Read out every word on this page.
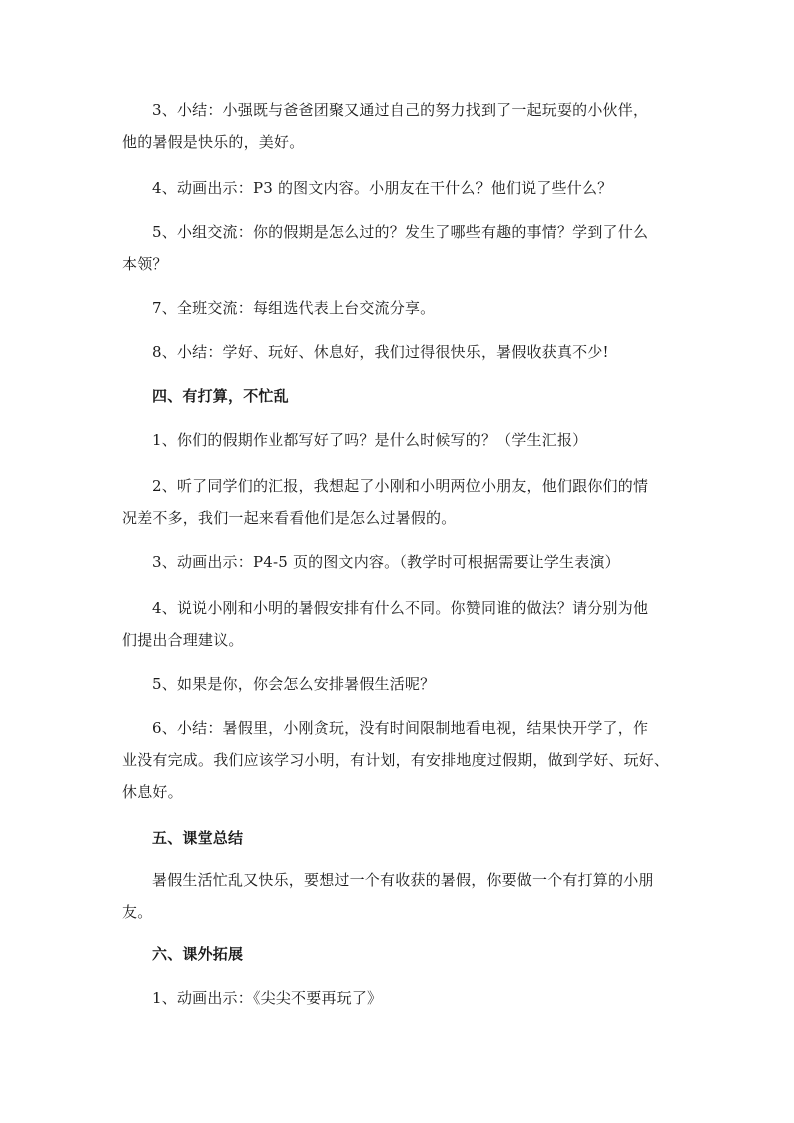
3、小结：小强既与爸爸团聚又通过自己的努力找到了一起玩耍的小伙伴，
他的暑假是快乐的，美好。
4、动画出示：P3 的图文内容。小朋友在干什么？他们说了些什么？
5、小组交流：你的假期是怎么过的？发生了哪些有趣的事情？学到了什么
本领？
7、全班交流：每组选代表上台交流分享。
8、小结：学好、玩好、休息好，我们过得很快乐，暑假收获真不少!
四、有打算，不忙乱
1、你们的假期作业都写好了吗？是什么时候写的？（学生汇报）
2、听了同学们的汇报，我想起了小刚和小明两位小朋友，他们跟你们的情
况差不多，我们一起来看看他们是怎么过暑假的。
3、动画出示：P4-5 页的图文内容。（教学时可根据需要让学生表演）
4、说说小刚和小明的暑假安排有什么不同。你赞同谁的做法？请分别为他
们提出合理建议。
5、如果是你，你会怎么安排暑假生活呢？
6、小结：暑假里，小刚贪玩，没有时间限制地看电视，结果快开学了，作
业没有完成。我们应该学习小明，有计划，有安排地度过假期，做到学好、玩好、
休息好。
五、课堂总结
暑假生活忙乱又快乐，要想过一个有收获的暑假，你要做一个有打算的小朋
友。
六、课外拓展
1、动画出示：《尖尖不要再玩了》
